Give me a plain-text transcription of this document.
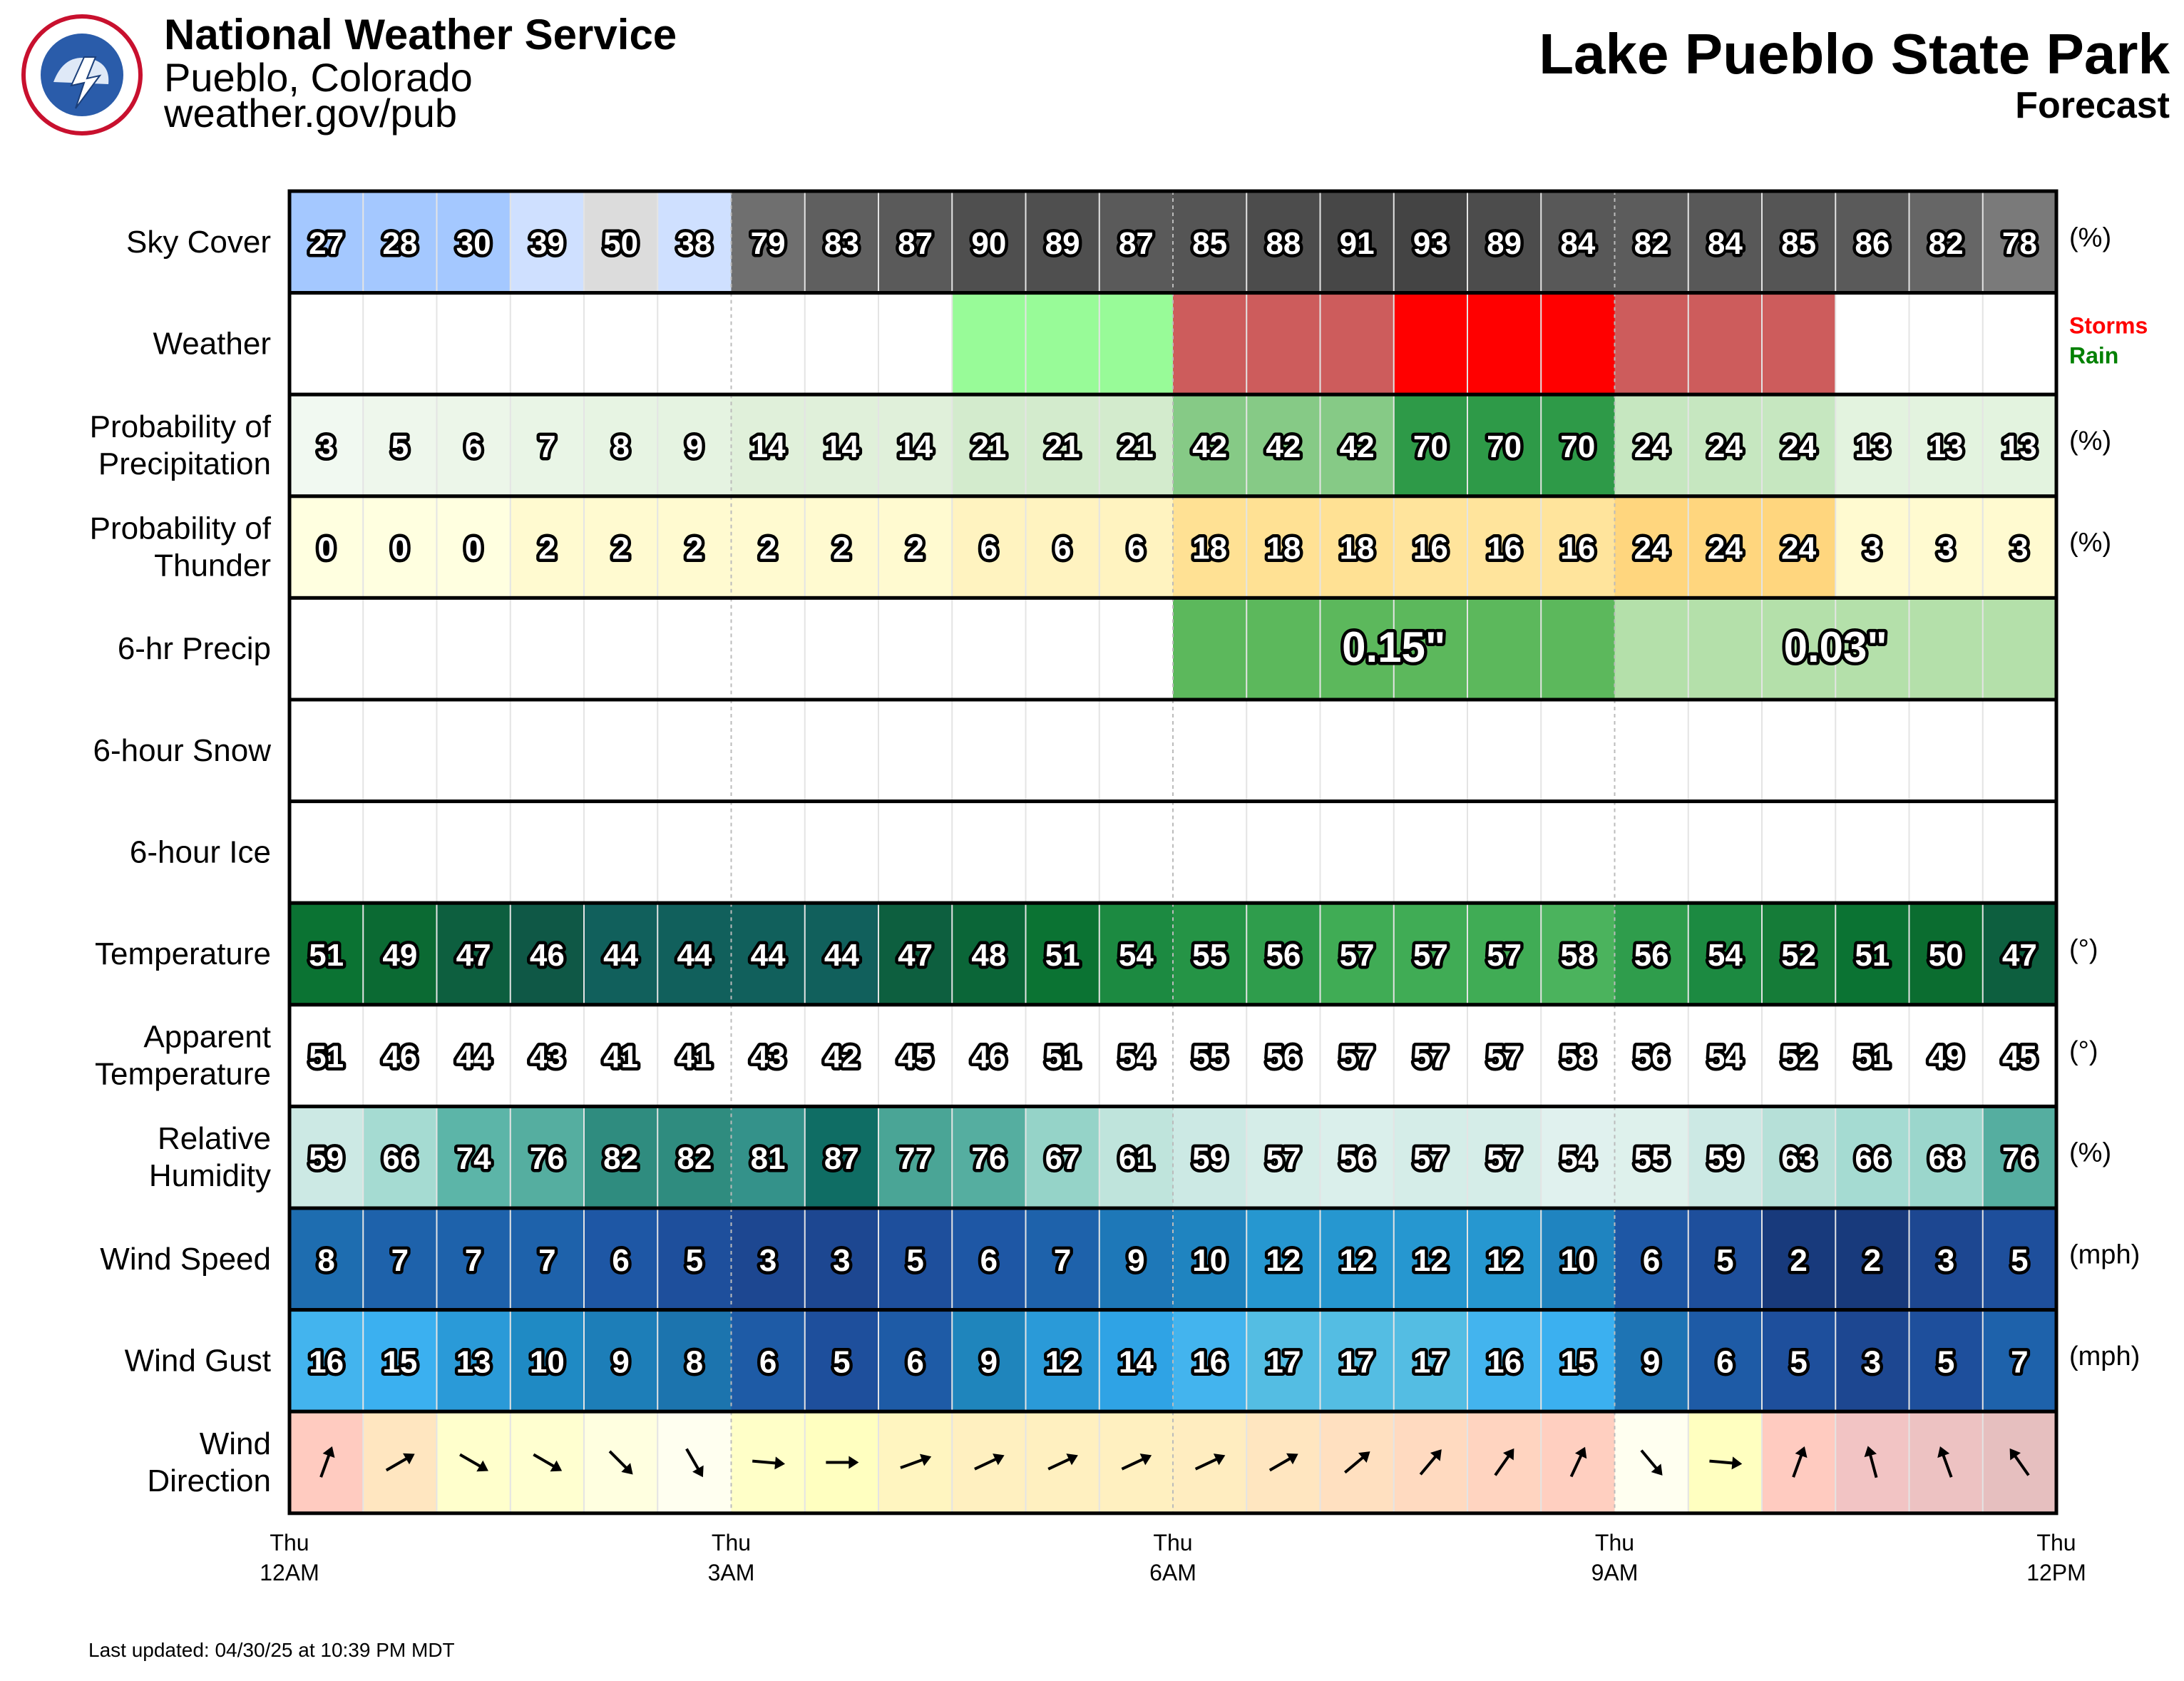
National Weather Service
Pueblo, Colorado
weather.gov/pub
Lake Pueblo State Park
Forecast
27 28 30 39 50 38 79 83 87 90 89 87 85 88 91 93 89 84 82 84 85 86 82 78
Sky Cover	(%)
Weather
Storms
Rain
3 5 6 7 8 9 14 14 14 21 21 21 42 42 42 70 70 70 24 24 24 13 13 13
Probability of
Precipitation
(%)
0 0 0 2 2 2 2 2 2 6 6 6 18 18 18 16 16 16 24 24 24 3 3 3
Probability of
Thunder
(%)
0.15"	0.03"
6-hr Precip
6-hour Snow
6-hour Ice
51 49 47 46 44 44 44 44 47 48 51 54 55 56 57 57 57 58 56 54 52 51 50 47
Temperature	(°)
51 46 44 43 41 41 43 42 45 46 51 54 55 56 57 57 57 58 56 54 52 51 49 45
Apparent
Temperature
(°)
59 66 74 76 82 82 81 87 77 76 67 61 59 57 56 57 57 54 55 59 63 66 68 76
Relative
Humidity
(%)
8 7 7 7 6 5 3 3 5 6 7 9 10 12 12 12 12 10 6 5 2 2 3 5
Wind Speed	(mph)
16 15 13 10 9 8 6 5 6 9 12 14 16 17 17 17 16 15 9 6 5 3 5 7
Wind Gust	(mph)
Wind
Direction
Thu
12AM
Thu
3AM
Thu
6AM
Thu
9AM
Thu
12PM
Last updated: 04/30/25 at 10:39 PM MDT
